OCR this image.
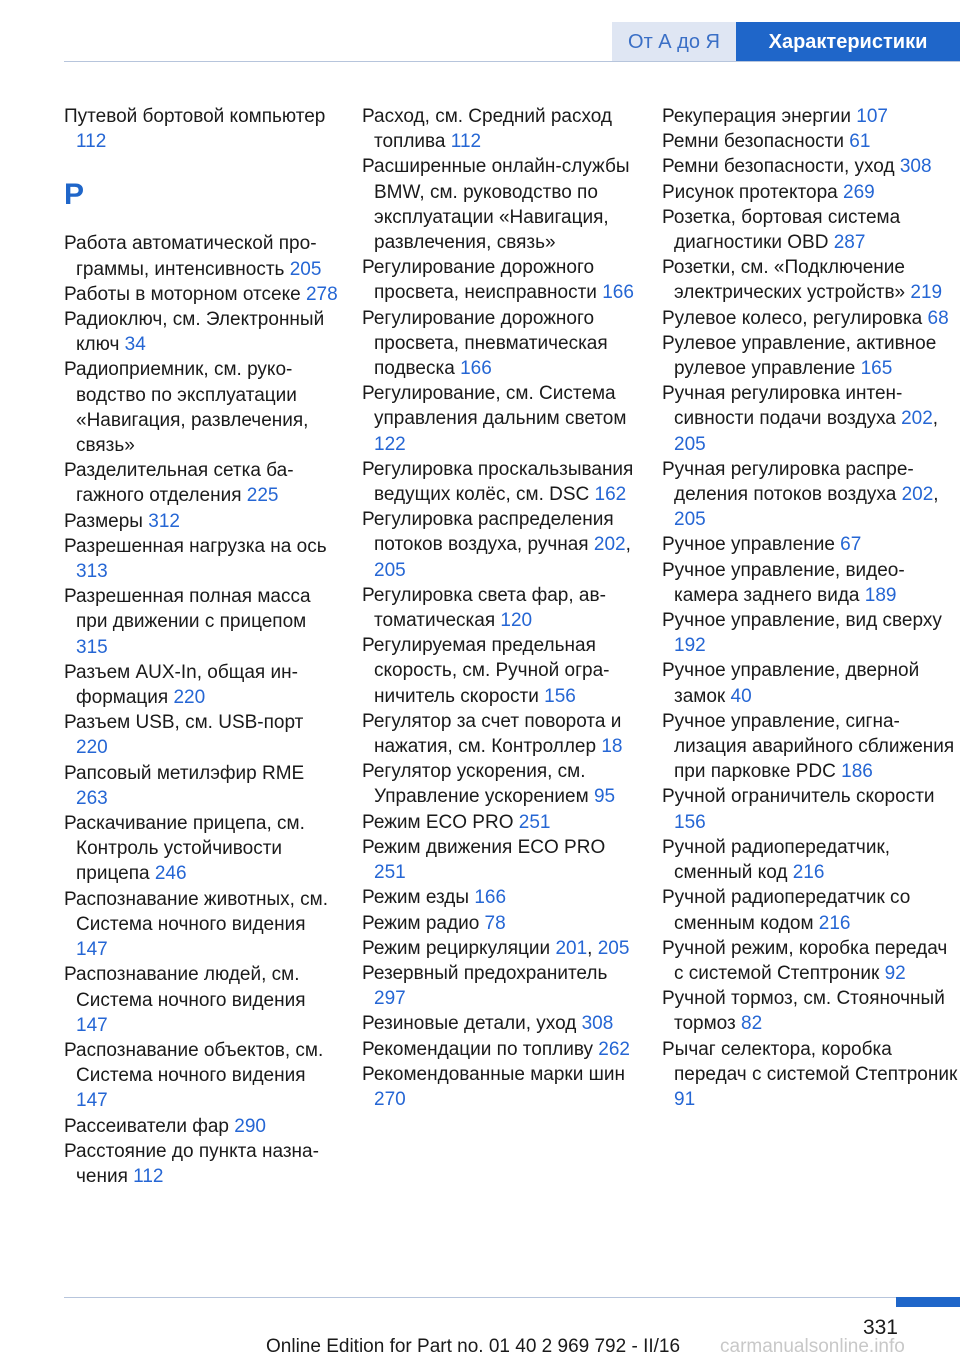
От А до Я	Характеристики
Путевой бортовой компьютер 112
Р
Работа автоматической программы, интенсивность 205
Работы в моторном отсеке 278
Радиоключ, см. Электронный ключ 34
Радиоприемник, см. руководство по эксплуатации «Навигация, развлечения, связь»
Разделительная сетка багажного отделения 225
Размеры 312
Разрешенная нагрузка на ось 313
Разрешенная полная масса при движении с прицепом 315
Разъем AUX-In, общая информация 220
Разъем USB, см. USB-порт 220
Рапсовый метилэфир RME 263
Раскачивание прицепа, см. Контроль устойчивости прицепа 246
Распознавание животных, см. Система ночного видения 147
Распознавание людей, см. Система ночного видения 147
Распознавание объектов, см. Система ночного видения 147
Рассеиватели фар 290
Расстояние до пункта назначения 112
Расход, см. Средний расход топлива 112
Расширенные онлайн-службы BMW, см. руководство по эксплуатации «Навигация, развлечения, связь»
Регулирование дорожного просвета, неисправности 166
Регулирование дорожного просвета, пневматическая подвеска 166
Регулирование, см. Система управления дальним светом 122
Регулировка проскальзывания ведущих колёс, см. DSC 162
Регулировка распределения потоков воздуха, ручная 202, 205
Регулировка света фар, автоматическая 120
Регулируемая предельная скорость, см. Ручной ограничитель скорости 156
Регулятор за счет поворота и нажатия, см. Контроллер 18
Регулятор ускорения, см. Управление ускорением 95
Режим ECO PRO 251
Режим движения ECO PRO 251
Режим езды 166
Режим радио 78
Режим рециркуляции 201, 205
Резервный предохранитель 297
Резиновые детали, уход 308
Рекомендации по топливу 262
Рекомендованные марки шин 270
Рекуперация энергии 107
Ремни безопасности 61
Ремни безопасности, уход 308
Рисунок протектора 269
Розетка, бортовая система диагностики OBD 287
Розетки, см. «Подключение электрических устройств» 219
Рулевое колесо, регулировка 68
Рулевое управление, активное рулевое управление 165
Ручная регулировка интенсивности подачи воздуха 202, 205
Ручная регулировка распределения потоков воздуха 202, 205
Ручное управление 67
Ручное управление, видеокамера заднего вида 189
Ручное управление, вид сверху 192
Ручное управление, дверной замок 40
Ручное управление, сигнализация аварийного сближения при парковке PDC 186
Ручной ограничитель скорости 156
Ручной радиопередатчик, сменный код 216
Ручной радиопередатчик со сменным кодом 216
Ручной режим, коробка передач с системой Стептроник 92
Ручной тормоз, см. Стояночный тормоз 82
Рычаг селектора, коробка передач с системой Стептроник 91
331
Online Edition for Part no. 01 40 2 969 792 - II/16 carmanualsonline.info
